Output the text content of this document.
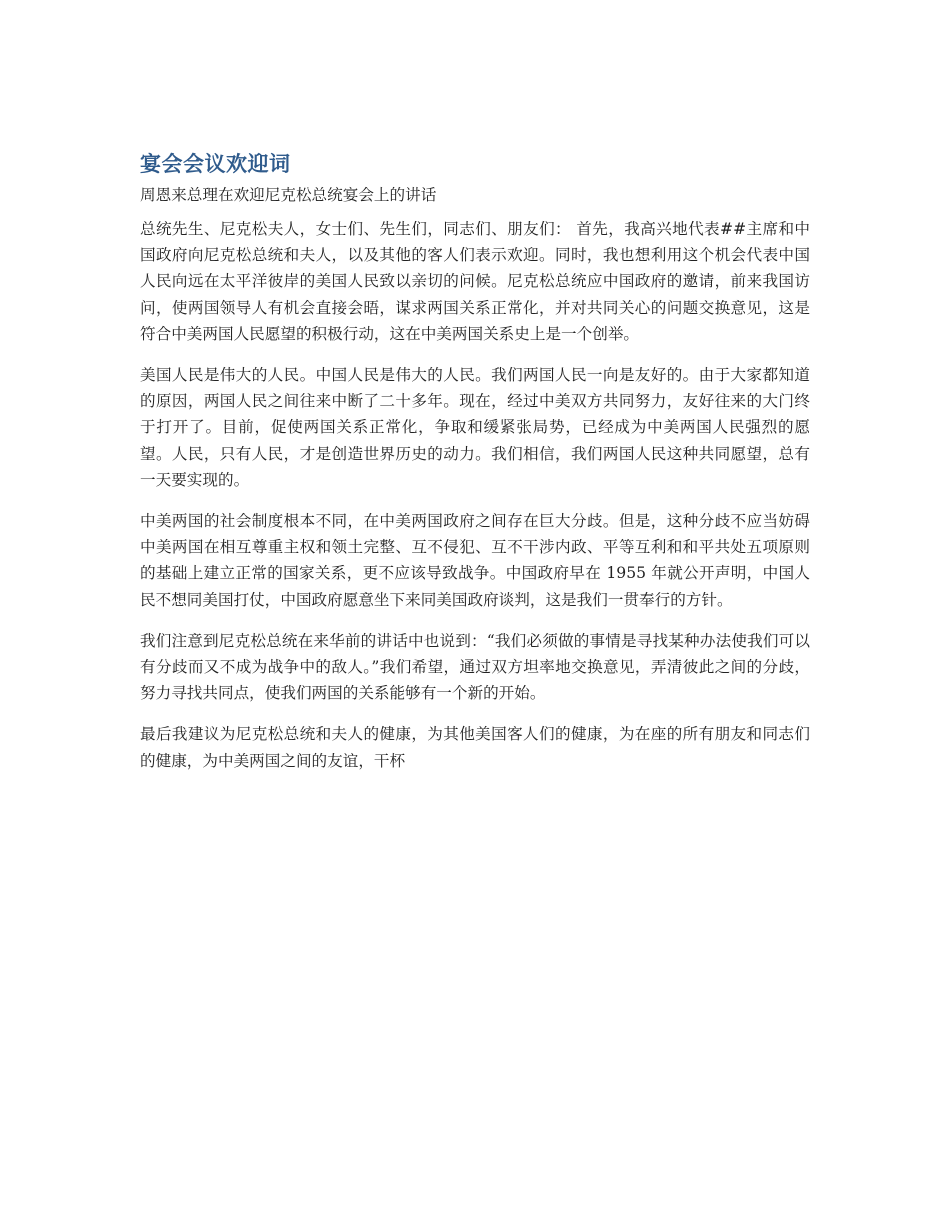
宴会会议欢迎词

周恩来总理在欢迎尼克松总统宴会上的讲话

总统先生、尼克松夫人，女士们、先生们，同志们、朋友们： 首先，我高兴地代表##主席和中国政府向尼克松总统和夫人，以及其他的客人们表示欢迎。同时，我也想利用这个机会代表中国人民向远在太平洋彼岸的美国人民致以亲切的问候。尼克松总统应中国政府的邀请，前来我国访问，使两国领导人有机会直接会晤，谋求两国关系正常化，并对共同关心的问题交换意见，这是符合中美两国人民愿望的积极行动，这在中美两国关系史上是一个创举。

美国人民是伟大的人民。中国人民是伟大的人民。我们两国人民一向是友好的。由于大家都知道的原因，两国人民之间往来中断了二十多年。现在，经过中美双方共同努力，友好往来的大门终于打开了。目前，促使两国关系正常化，争取和缓紧张局势，已经成为中美两国人民强烈的愿望。人民，只有人民，才是创造世界历史的动力。我们相信，我们两国人民这种共同愿望，总有一天要实现的。

中美两国的社会制度根本不同，在中美两国政府之间存在巨大分歧。但是，这种分歧不应当妨碍中美两国在相互尊重主权和领土完整、互不侵犯、互不干涉内政、平等互利和和平共处五项原则的基础上建立正常的国家关系，更不应该导致战争。中国政府早在 1955 年就公开声明，中国人民不想同美国打仗，中国政府愿意坐下来同美国政府谈判，这是我们一贯奉行的方针。

我们注意到尼克松总统在来华前的讲话中也说到：“我们必须做的事情是寻找某种办法使我们可以有分歧而又不成为战争中的敌人。”我们希望，通过双方坦率地交换意见，弄清彼此之间的分歧，努力寻找共同点，使我们两国的关系能够有一个新的开始。

最后我建议为尼克松总统和夫人的健康，为其他美国客人们的健康，为在座的所有朋友和同志们的健康，为中美两国之间的友谊，干杯
